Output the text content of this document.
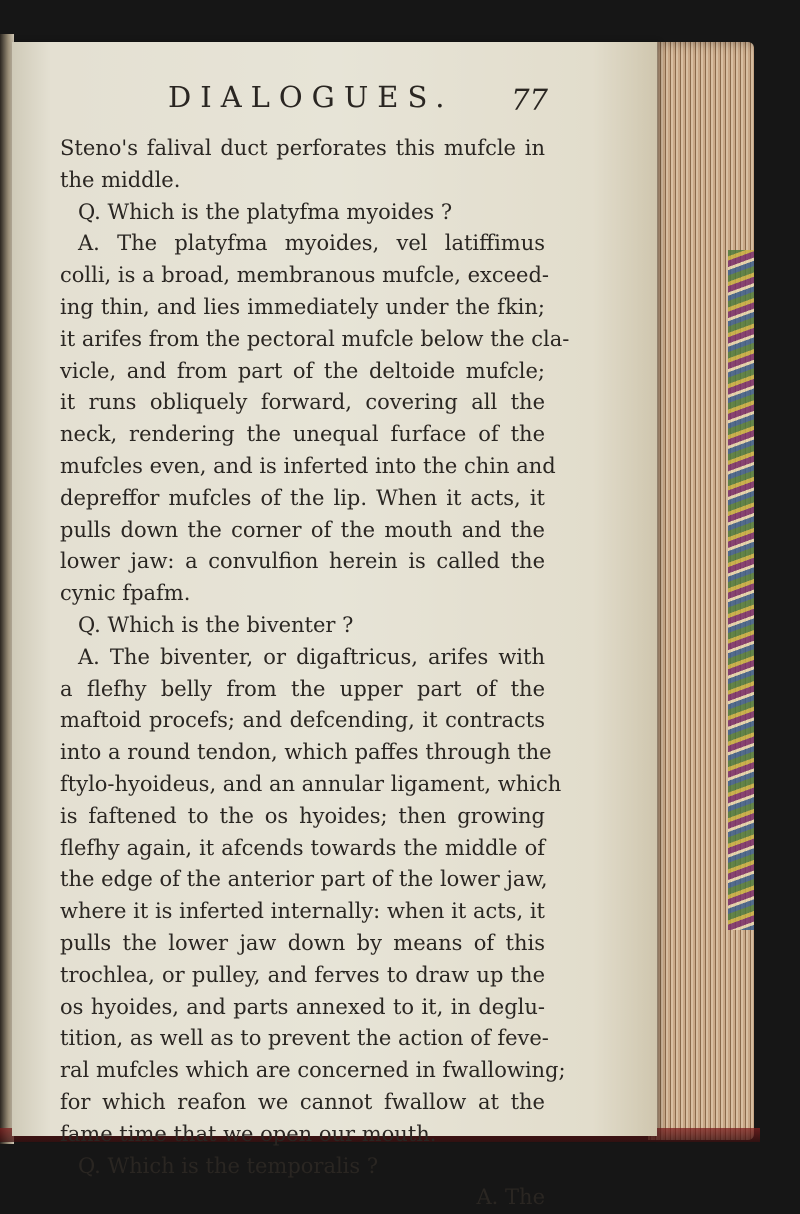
DIALOGUES. 77
Steno's falival duct perforates this mufcle in
the middle.
Q. Which is the platyfma myoides ?
A. The platyfma myoides, vel latiffimus
colli, is a broad, membranous mufcle, exceed-
ing thin, and lies immediately under the fkin;
it arifes from the pectoral mufcle below the cla-
vicle, and from part of the deltoide mufcle;
it runs obliquely forward, covering all the
neck, rendering the unequal furface of the
mufcles even, and is inferted into the chin and
depreffor mufcles of the lip. When it acts, it
pulls down the corner of the mouth and the
lower jaw: a convulfion herein is called the
cynic fpafm.
Q. Which is the biventer ?
A. The biventer, or digaftricus, arifes with
a flefhy belly from the upper part of the
maftoid procefs; and defcending, it contracts
into a round tendon, which paffes through the
ftylo-hyoideus, and an annular ligament, which
is faftened to the os hyoides; then growing
flefhy again, it afcends towards the middle of
the edge of the anterior part of the lower jaw,
where it is inferted internally: when it acts, it
pulls the lower jaw down by means of this
trochlea, or pulley, and ferves to draw up the
os hyoides, and parts annexed to it, in deglu-
tition, as well as to prevent the action of feve-
ral mufcles which are concerned in fwallowing;
for which reafon we cannot fwallow at the
fame time that we open our mouth.
Q. Which is the temporalis ?
A. The
